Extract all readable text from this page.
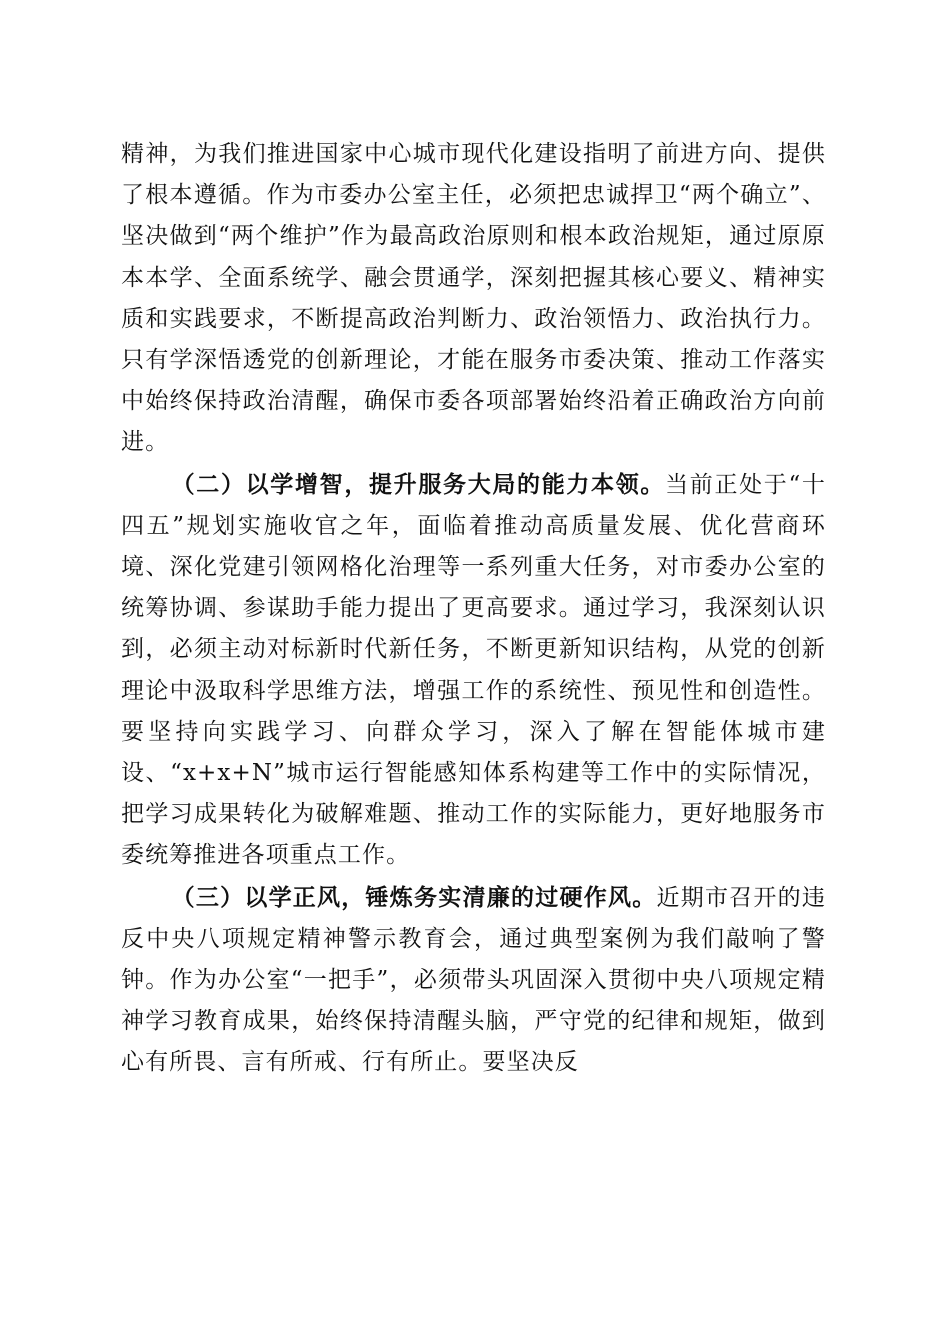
精神，为我们推进国家中心城市现代化建设指明了前进方向、提供了根本遵循。作为市委办公室主任，必须把忠诚捍卫“两个确立”、坚决做到“两个维护”作为最高政治原则和根本政治规矩，通过原原本本学、全面系统学、融会贯通学，深刻把握其核心要义、精神实质和实践要求，不断提高政治判断力、政治领悟力、政治执行力。只有学深悟透党的创新理论，才能在服务市委决策、推动工作落实中始终保持政治清醒，确保市委各项部署始终沿着正确政治方向前进。

（二）以学增智，提升服务大局的能力本领。当前正处于“十四五”规划实施收官之年，面临着推动高质量发展、优化营商环境、深化党建引领网格化治理等一系列重大任务，对市委办公室的统筹协调、参谋助手能力提出了更高要求。通过学习，我深刻认识到，必须主动对标新时代新任务，不断更新知识结构，从党的创新理论中汲取科学思维方法，增强工作的系统性、预见性和创造性。要坚持向实践学习、向群众学习，深入了解在智能体城市建设、“x+x+N”城市运行智能感知体系构建等工作中的实际情况，把学习成果转化为破解难题、推动工作的实际能力，更好地服务市委统筹推进各项重点工作。

（三）以学正风，锤炼务实清廉的过硬作风。近期市召开的违反中央八项规定精神警示教育会，通过典型案例为我们敲响了警钟。作为办公室“一把手”，必须带头巩固深入贯彻中央八项规定精神学习教育成果，始终保持清醒头脑，严守党的纪律和规矩，做到心有所畏、言有所戒、行有所止。要坚决反
